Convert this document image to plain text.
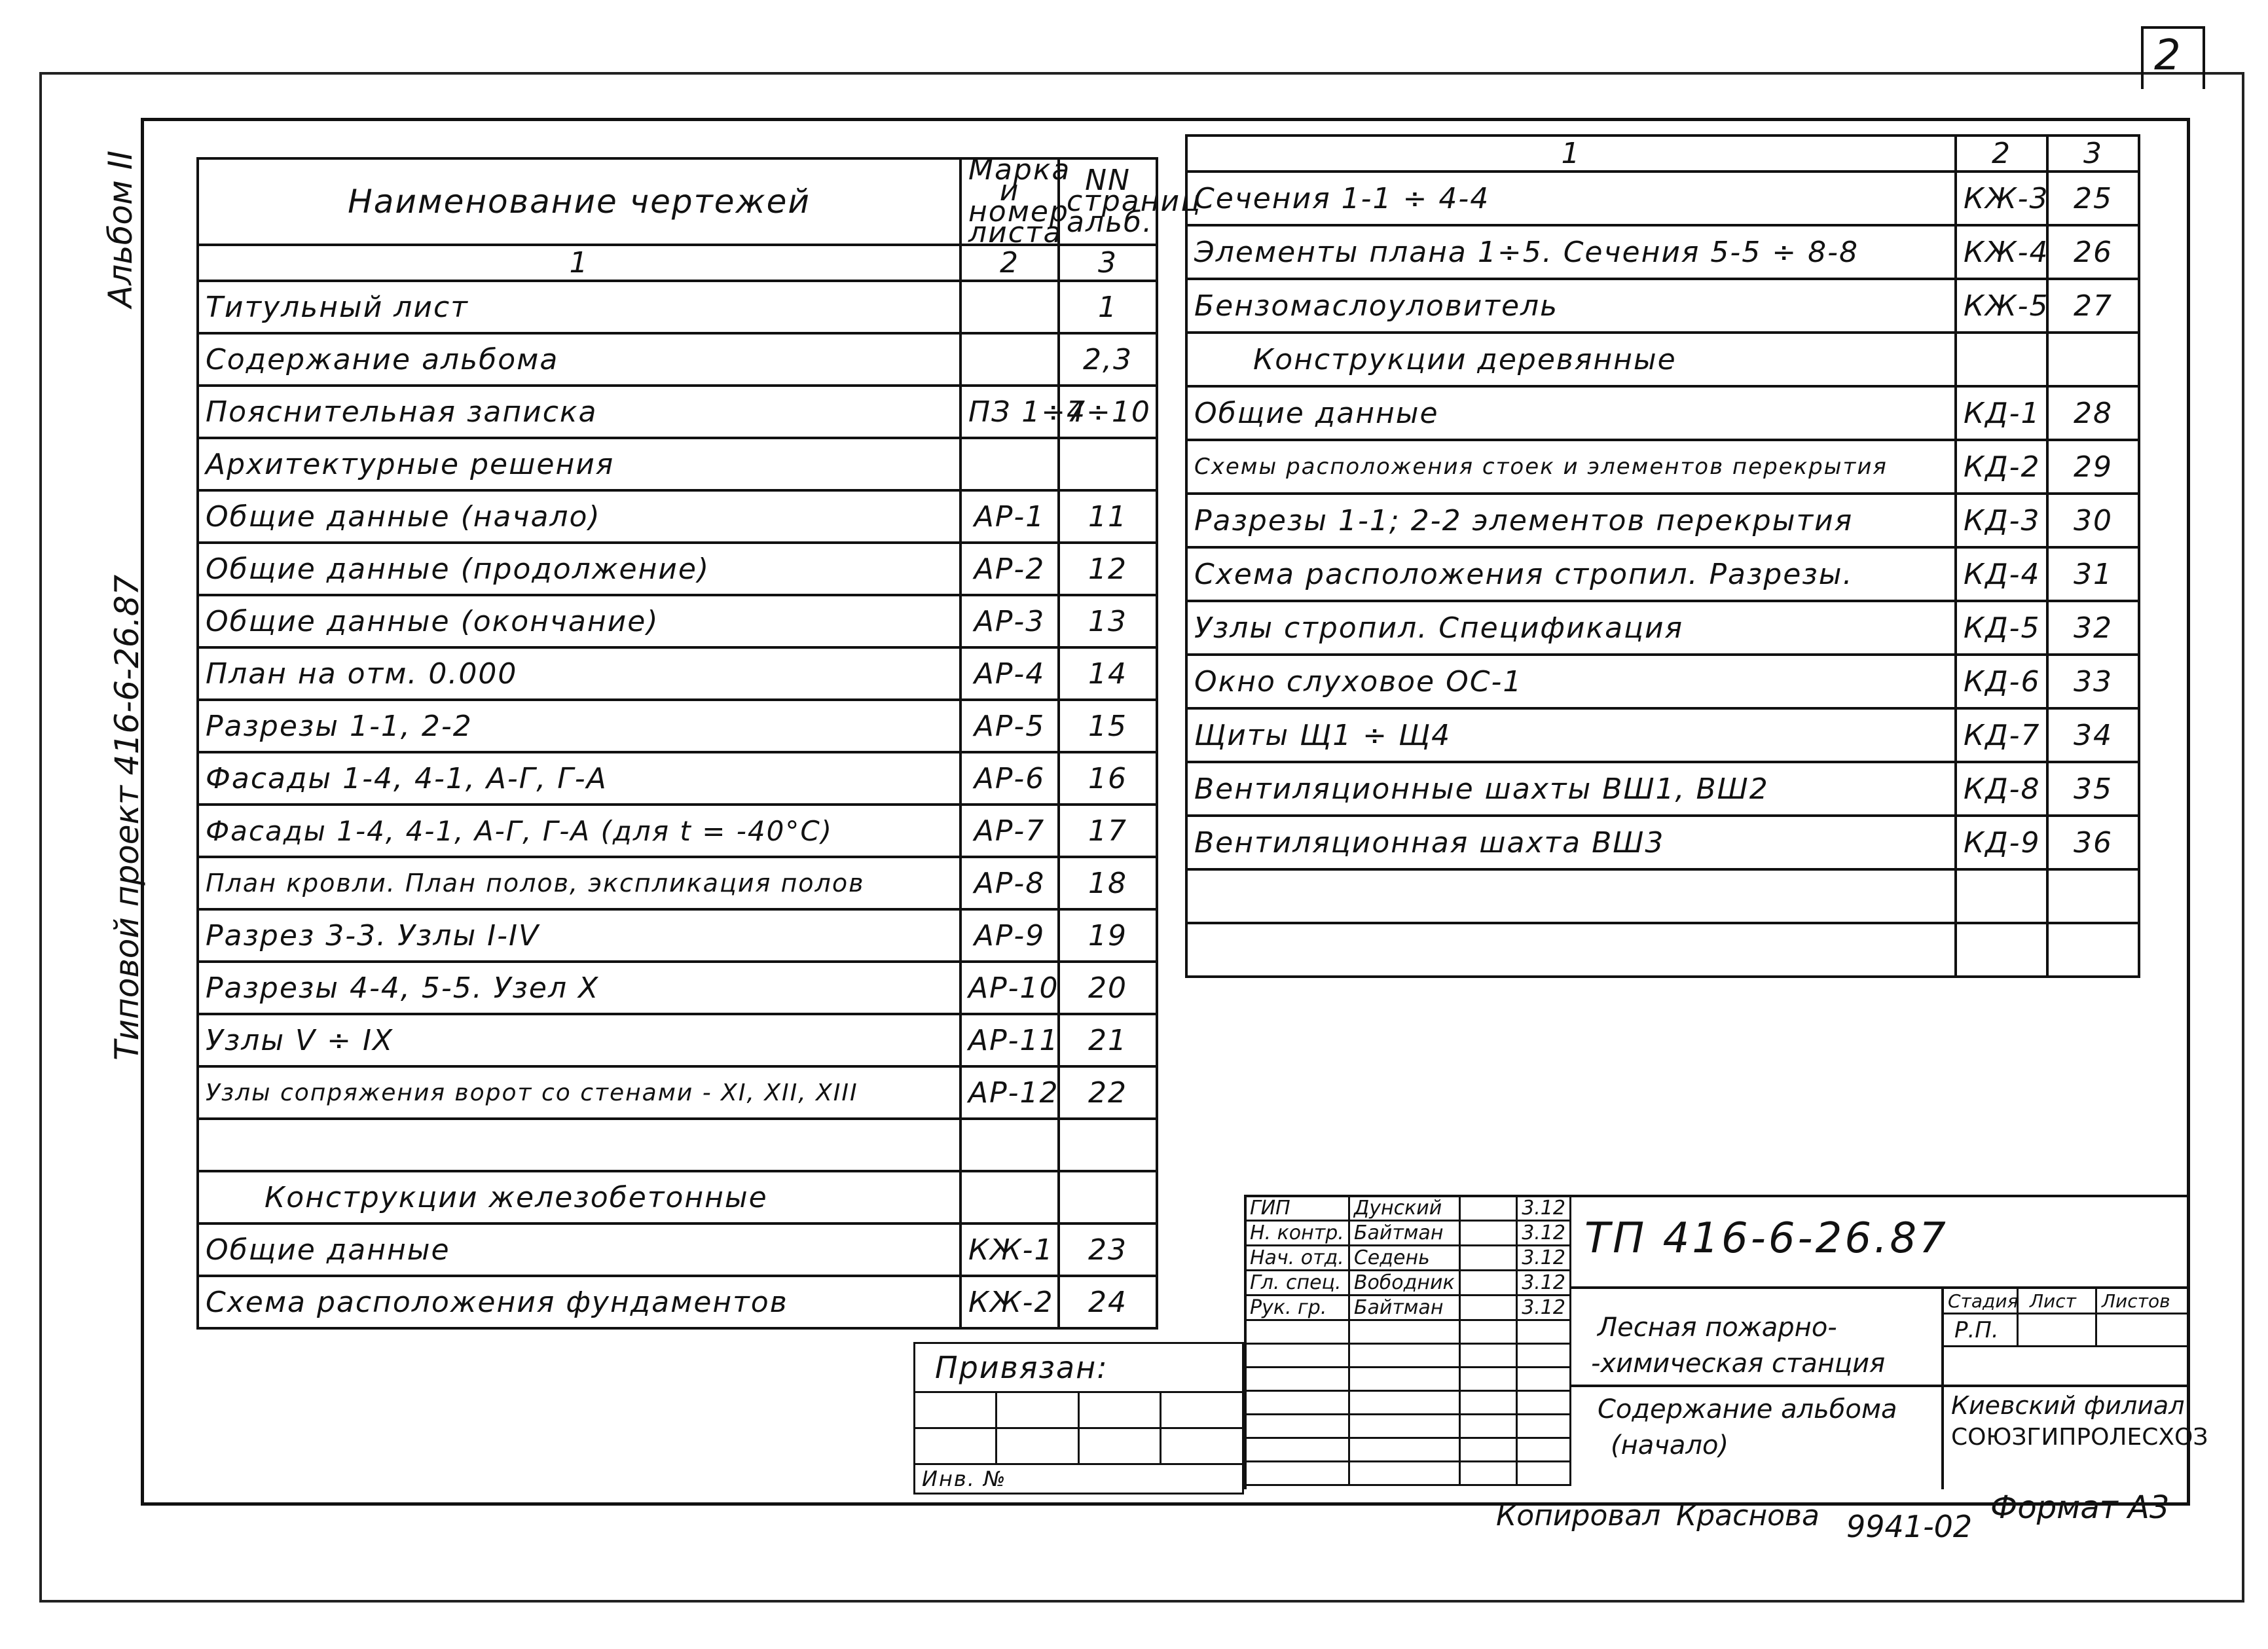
2
Альбом II
Типовой проект 416-6-26.87
Наименование чертежей	Марка и номер листа	NN страниц альб.
1	2	3
Титульный лист		1
Содержание альбома		2,3
Пояснительная записка	ПЗ 1÷7	4÷10
Архитектурные решения		
Общие данные (начало)	АР-1	11
Общие данные (продолжение)	АР-2	12
Общие данные (окончание)	АР-3	13
План на отм. 0.000	АР-4	14
Разрезы 1-1, 2-2	АР-5	15
Фасады 1-4, 4-1, А-Г, Г-А	АР-6	16
Фасады 1-4, 4-1, А-Г, Г-А (для t = -40°С)	АР-7	17
План кровли. План полов, экспликация полов	АР-8	18
Разрез 3-3. Узлы I-IV	АР-9	19
Разрезы 4-4, 5-5. Узел X	АР-10	20
Узлы V ÷ IX	АР-11	21
Узлы сопряжения ворот со стенами - XI, XII, XIII	АР-12	22

Конструкции железобетонные		
Общие данные	КЖ-1	23
Схема расположения фундаментов	КЖ-2	24
1	2	3
Сечения 1-1 ÷ 4-4	КЖ-3	25
Элементы плана 1÷5. Сечения 5-5 ÷ 8-8	КЖ-4	26
Бензомаслоуловитель	КЖ-5	27
Конструкции деревянные		
Общие данные	КД-1	28
Схемы расположения стоек и элементов перекрытия	КД-2	29
Разрезы 1-1; 2-2 элементов перекрытия	КД-3	30
Схема расположения стропил. Разрезы.	КД-4	31
Узлы стропил. Спецификация	КД-5	32
Окно слуховое ОС-1	КД-6	33
Щиты Щ1 ÷ Щ4	КД-7	34
Вентиляционные шахты ВШ1, ВШ2	КД-8	35
Вентиляционная шахта ВШ3	КД-9	36

Привязан:			

Инв. №			
ГИП	Дунский		3.12
Н. контр.	Байтман		3.12
Нач. отд.	Седень		3.12
Гл. спец.	Вободник		3.12
Рук. гр.	Байтман		3.12

ТП 416-6-26.87
Лесная пожарно-
-химическая станция
Стадия Лист Листов
Р.П.
Содержание альбома
(начало)
Киевский филиал
СОЮЗГИПРОЛЕСХОЗ
Копировал Краснова 9941-02
Формат А3
